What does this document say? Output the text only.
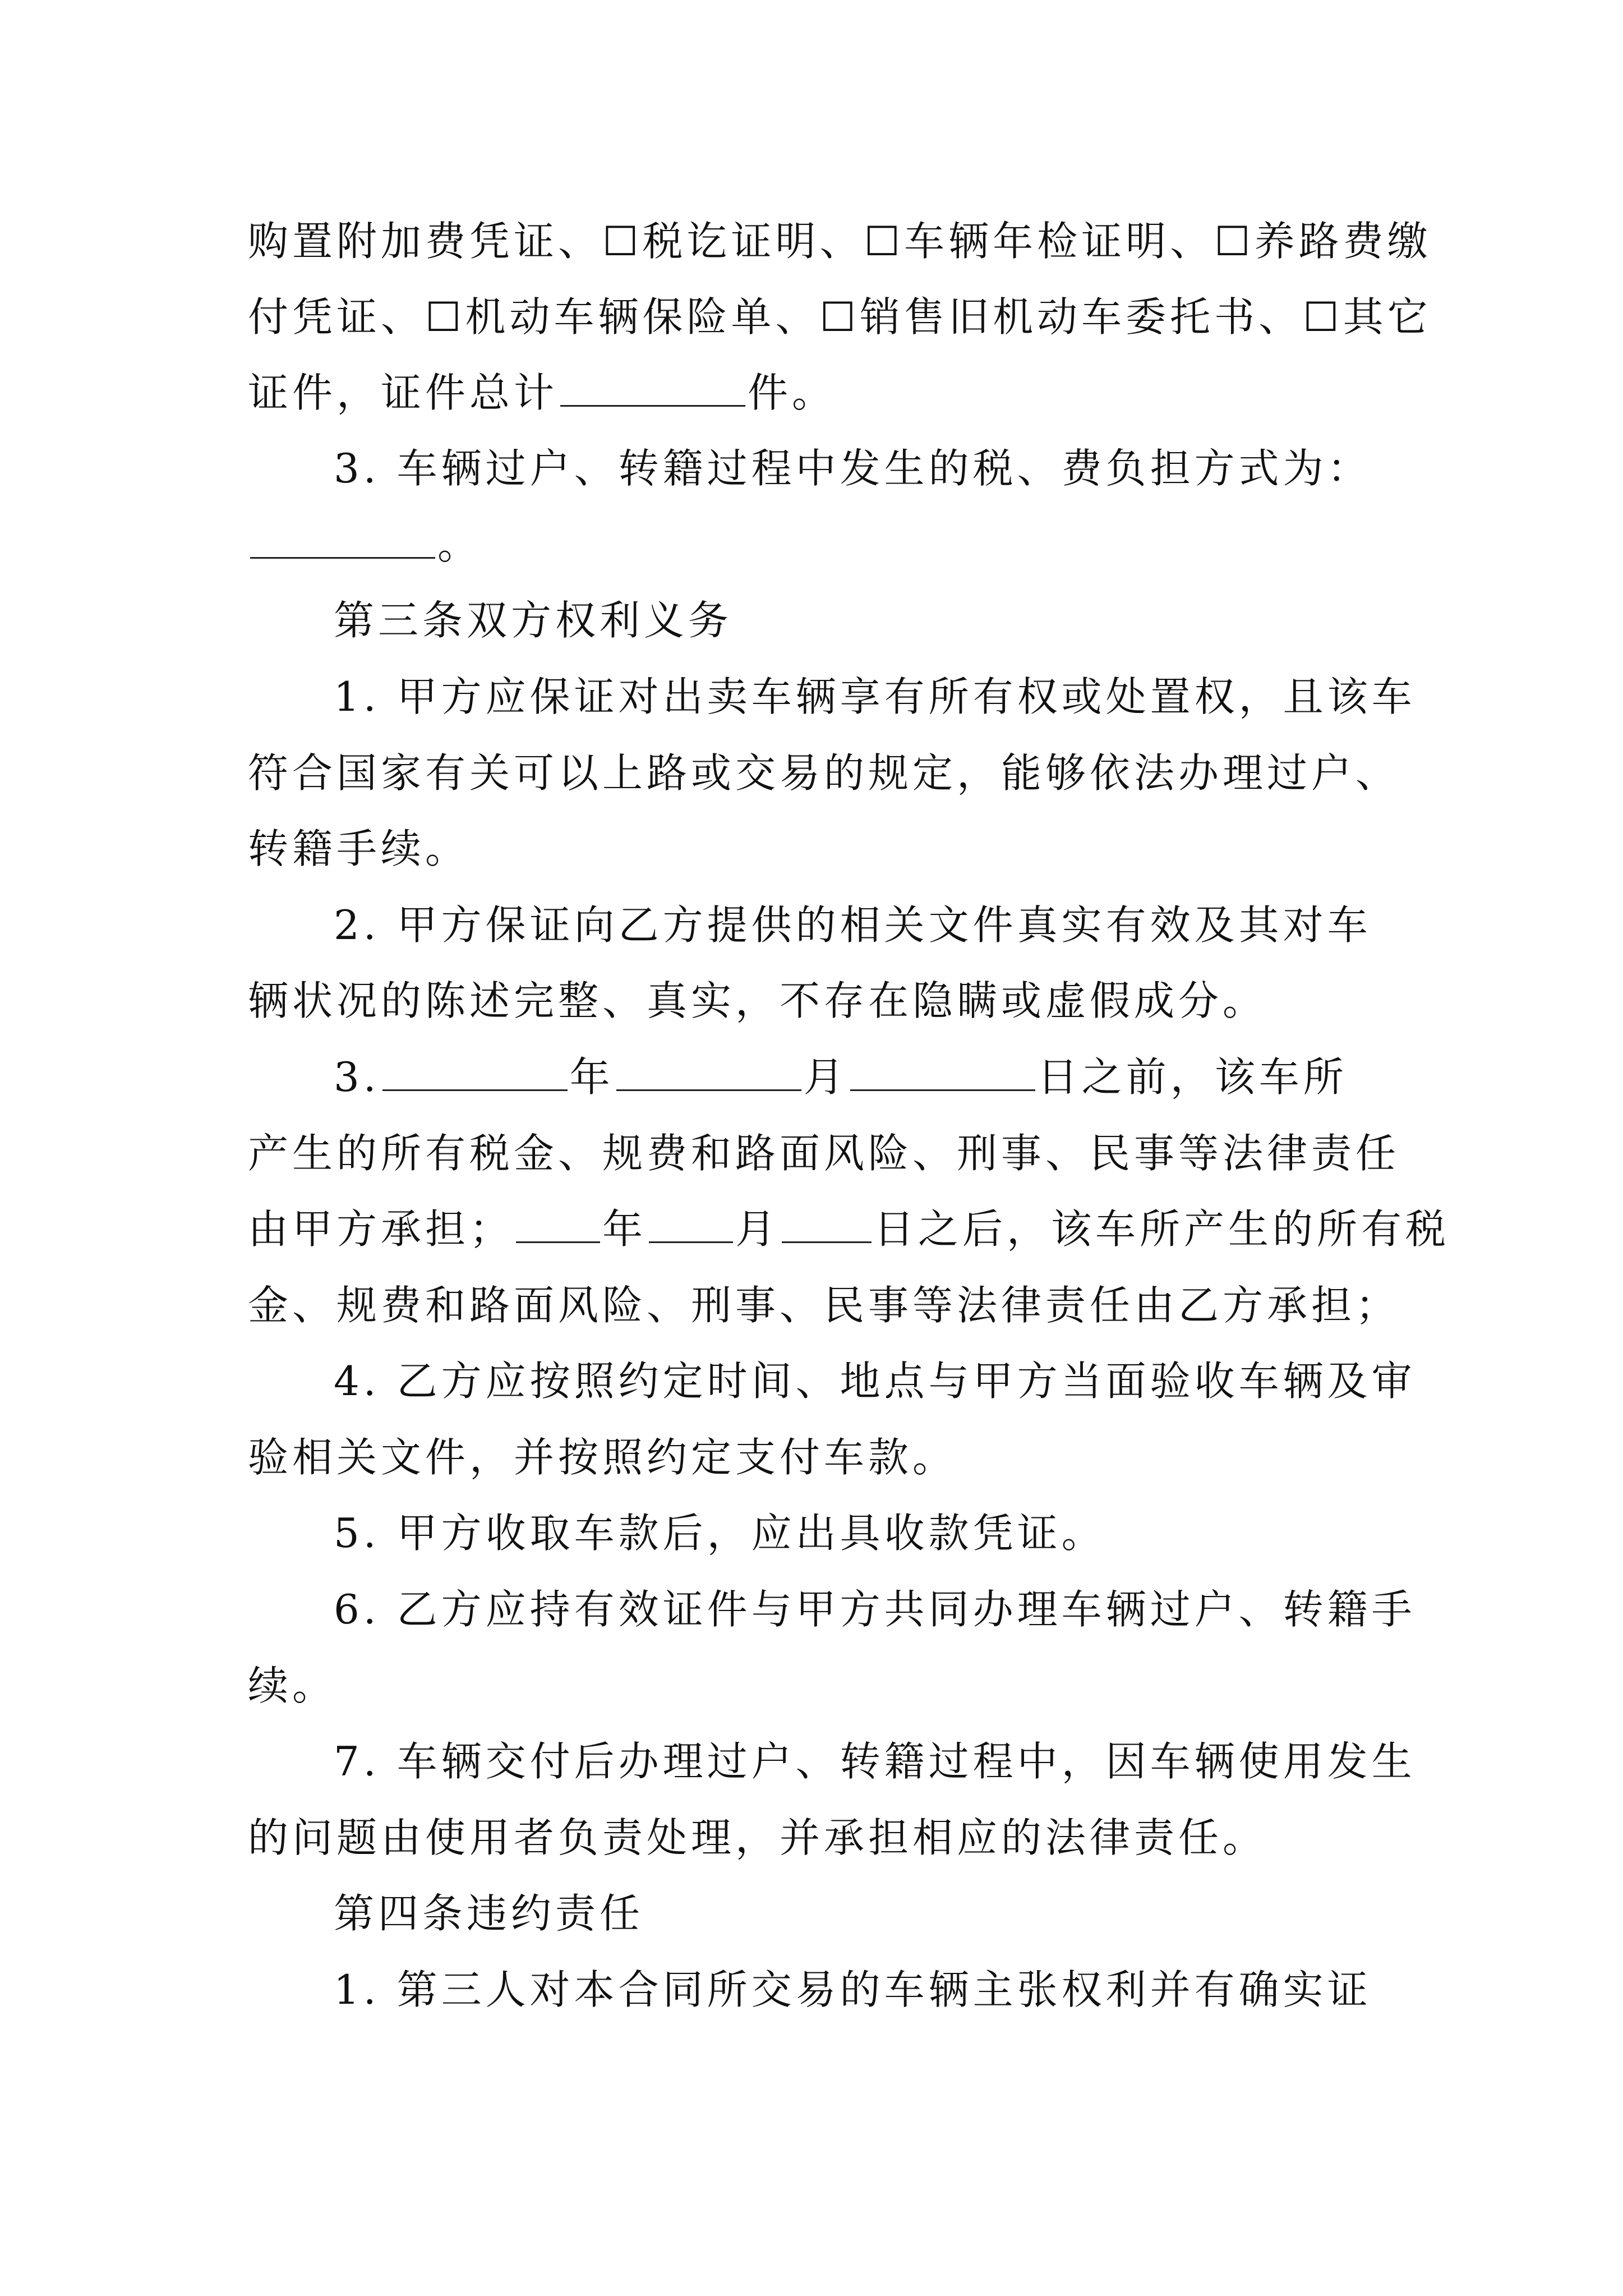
购置附加费凭证、☐税讫证明、☐车辆年检证明、☐养路费缴
付凭证、☐机动车辆保险单、☐销售旧机动车委托书、☐其它
证件，证件总计	件。
3. 车辆过户、转籍过程中发生的税、费负担方式为：
。
第三条双方权利义务
1. 甲方应保证对出卖车辆享有所有权或处置权，且该车
符合国家有关可以上路或交易的规定，能够依法办理过户、
转籍手续。
2. 甲方保证向乙方提供的相关文件真实有效及其对车
辆状况的陈述完整、真实，不存在隐瞒或虚假成分。
3.	年	月	日之前，该车所
产生的所有税金、规费和路面风险、刑事、民事等法律责任
由甲方承担； 年 月 日之后，该车所产生的所有税
金、规费和路面风险、刑事、民事等法律责任由乙方承担；
4. 乙方应按照约定时间、地点与甲方当面验收车辆及审
验相关文件，并按照约定支付车款。
5. 甲方收取车款后，应出具收款凭证。
6. 乙方应持有效证件与甲方共同办理车辆过户、转籍手
续。
7. 车辆交付后办理过户、转籍过程中，因车辆使用发生
的问题由使用者负责处理，并承担相应的法律责任。
第四条违约责任
1. 第三人对本合同所交易的车辆主张权利并有确实证
